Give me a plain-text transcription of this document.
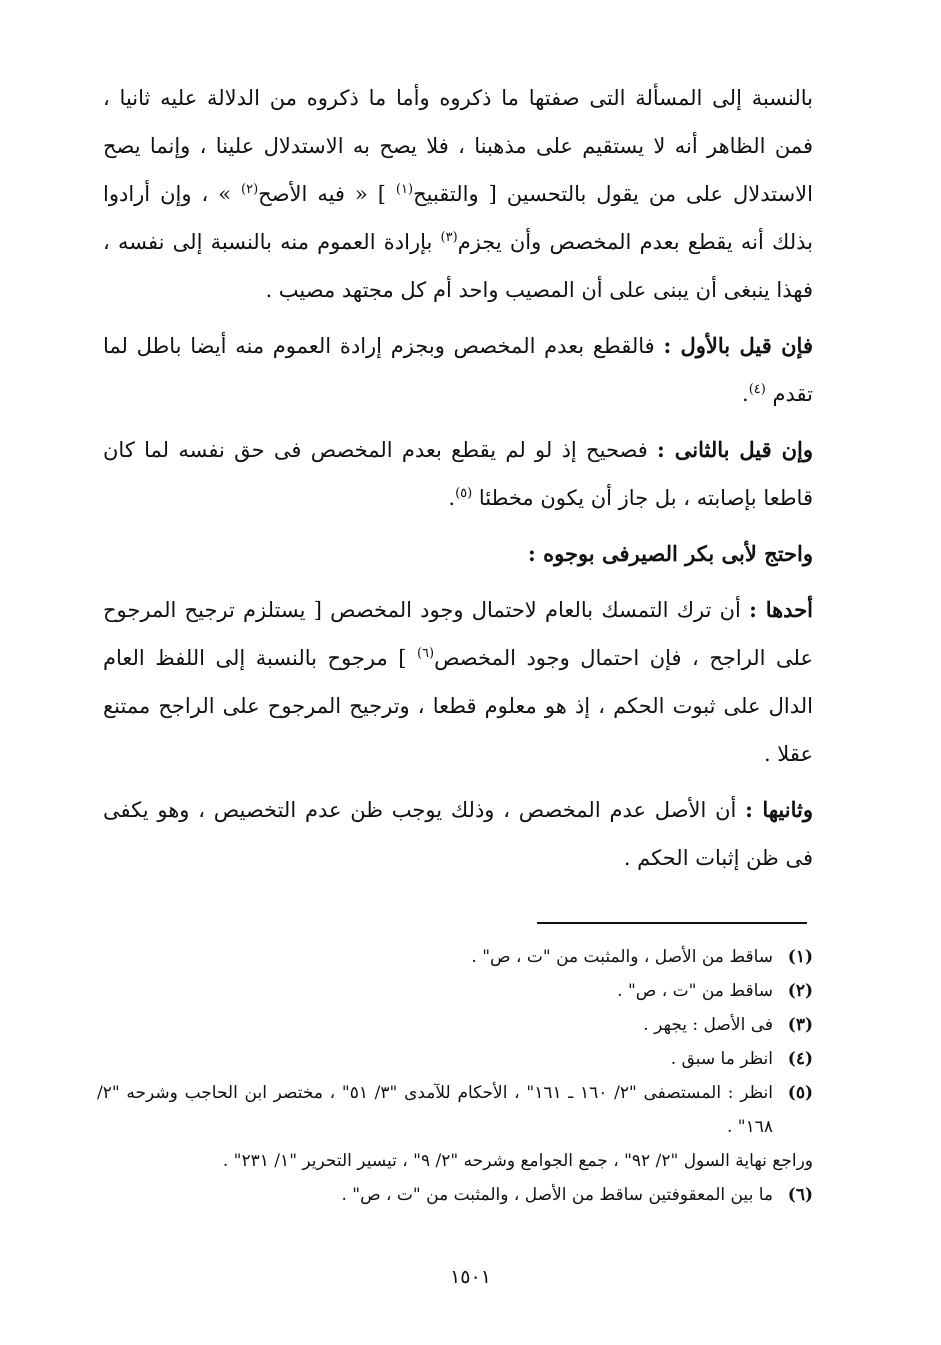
بالنسبة إلى المسألة التى صفتها ما ذكروه وأما ما ذكروه من الدلالة عليه ثانيا ، فمن الظاهر أنه لا يستقيم على مذهبنا ، فلا يصح به الاستدلال علينا ، وإنما يصح الاستدلال على من يقول بالتحسين [ والتقبيح$^{(١)}$ ] « فيه الأصح$^{(٢)}$ » ، وإن أرادوا بذلك أنه يقطع بعدم المخصص وأن يجزم$^{(٣)}$ بإرادة العموم منه بالنسبة إلى نفسه ، فهذا ينبغى أن يبنى على أن المصيب واحد أم كل مجتهد مصيب .

فإن قيل بالأول : فالقطع بعدم المخصص وبجزم إرادة العموم منه أيضا باطل لما تقدم $^{(٤)}$.

وإن قيل بالثانى : فصحيح إذ لو لم يقطع بعدم المخصص فى حق نفسه لما كان قاطعا بإصابته ، بل جاز أن يكون مخطئا $^{(٥)}$.

واحتج لأبى بكر الصيرفى بوجوه :

أحدها : أن ترك التمسك بالعام لاحتمال وجود المخصص [ يستلزم ترجيح المرجوح على الراجح ، فإن احتمال وجود المخصص$^{(٦)}$ ] مرجوح بالنسبة إلى اللفظ العام الدال على ثبوت الحكم ، إذ هو معلوم قطعا ، وترجيح المرجوح على الراجح ممتنع عقلا .

وثانيها : أن الأصل عدم المخصص ، وذلك يوجب ظن عدم التخصيص ، وهو يكفى فى ظن إثبات الحكم .

(١)
ساقط من الأصل ، والمثبت من "ت ، ص" .
(٢)
ساقط من "ت ، ص" .
(٣)
فى الأصل : يجهر .
(٤)
انظر ما سبق .
(٥)
انظر : المستصفى "٢/ ١٦٠ ـ ١٦١" ، الأحكام للآمدى "٣/ ٥١" ، مختصر ابن الحاجب وشرحه "٢/ ١٦٨" .
وراجع نهاية السول "٢/ ٩٢" ، جمع الجوامع وشرحه "٢/ ٩" ، تيسير التحرير "١/ ٢٣١" .
(٦)
ما بين المعقوفتين ساقط من الأصل ، والمثبت من "ت ، ص" .
١٥٠١
